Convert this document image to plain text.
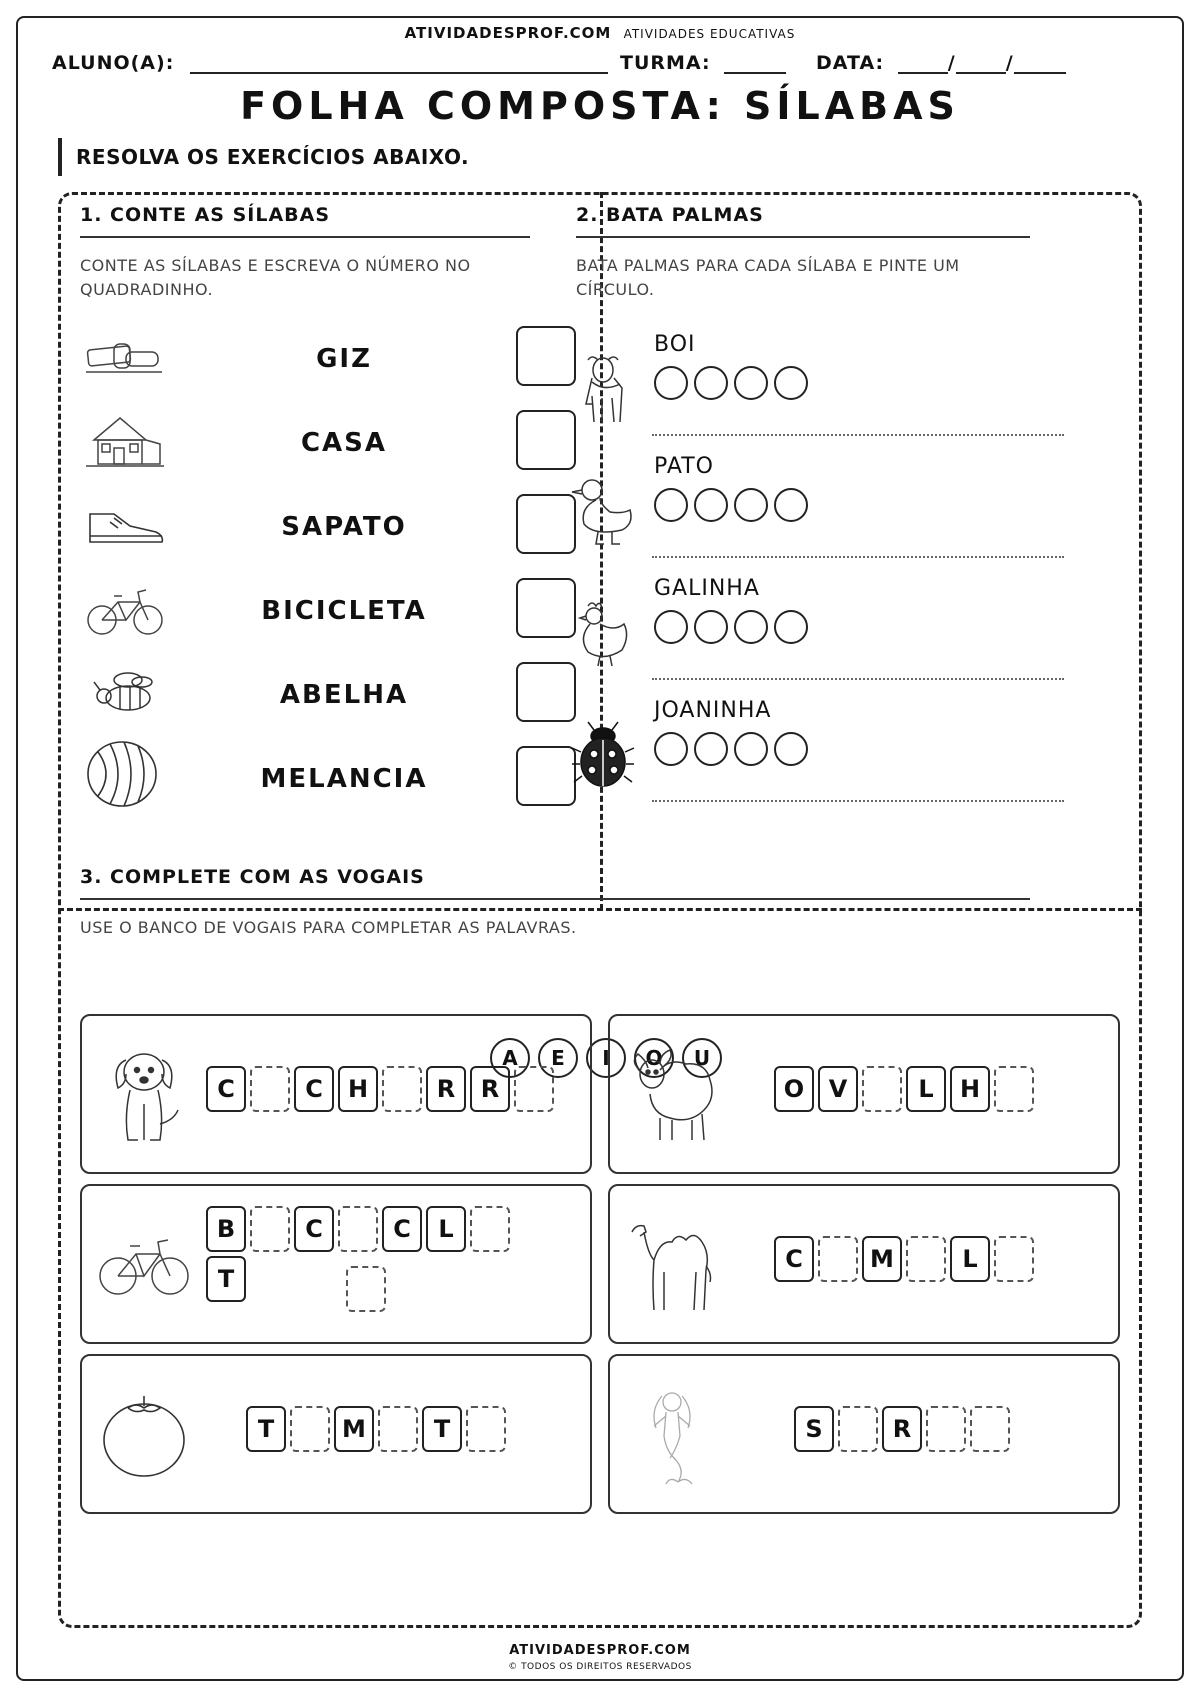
ATIVIDADESPROF.COM ATIVIDADES EDUCATIVAS
ALUNO(A):	TURMA:	DATA:	/	/
FOLHA COMPOSTA: SÍLABAS
RESOLVA OS EXERCÍCIOS ABAIXO.
1. CONTE AS SÍLABAS
CONTE AS SÍLABAS E ESCREVA O NÚMERO NO QUADRADINHO.
GIZ
CASA
SAPATO
BICICLETA
ABELHA
MELANCIA
2. BATA PALMAS
BATA PALMAS PARA CADA SÍLABA E PINTE UM CÍRCULO.
BOI
PATO
GALINHA
JOANINHA
3. COMPLETE COM AS VOGAIS
USE O BANCO DE VOGAIS PARA COMPLETAR AS PALAVRAS.
A	E	I	O	U
C	C	H	R	R	O	V	L	H
B	C	C	L
T
C	M	L
T	M	T	S	R
ATIVIDADESPROF.COM
© TODOS OS DIREITOS RESERVADOS
